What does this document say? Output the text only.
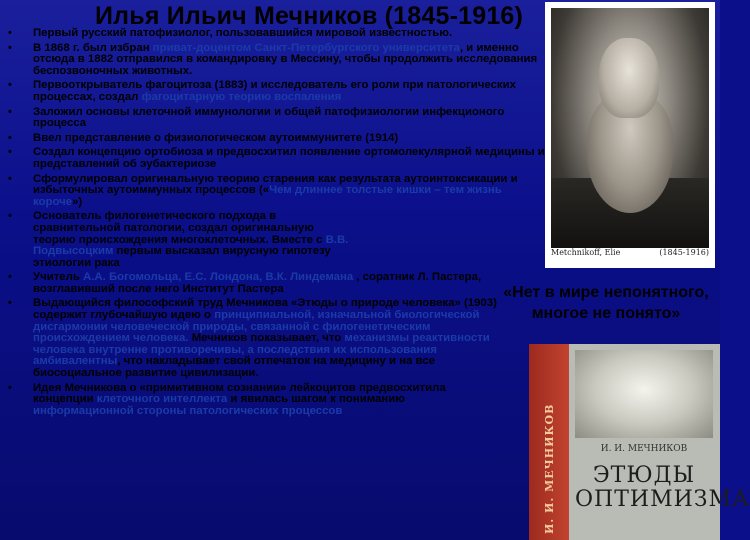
Илья Ильич Мечников (1845-1916)
• Первый русский патофизиолог, пользовавшийся мировой известностью.
• В 1868 г. был избран приват-доцентом Санкт-Петербургского университета, и именно отсюда в 1882 отправился в командировку в Мессину, чтобы продолжить исследования беспозвоночных животных.
• Первооткрыватель фагоцитоза (1883) и исследователь его роли при патологических процессах, создал фагоцитарную теорию воспаления
• Заложил основы клеточной иммунологии и общей патофизиологии инфекционого процесса
• Ввел представление о физиологическом аутоиммунитете (1914)
• Создал концепцию ортобиоза и предвосхитил появление ортомолекулярной медицины и представлений об эубактериозе
• Сформулировал оригинальную теорию старения как результата аутоинтоксикации и избыточных аутоиммунных процессов («Чем длиннее толстые кишки – тем жизнь короче»)
• Основатель филогенетического подхода в сравнительной патологии, создал оригинальную теорию происхождения многоклеточных. Вместе с В.В. Подвысоцким первым высказал вирусную гипотезу этиологии рака
• Учитель А.А. Богомольца, Е.С. Лондона, В.К. Линдемана , соратник Л. Пастера, возглавивший после него Институт Пастера
• Выдающийся философский труд Мечникова «Этюды о природе человека» (1903) содержит глубочайшую идею о принципиальной, изначальной биологической дисгармонии человеческой природы, связанной с филогенетическим происхождением человека. Мечников показывает, что механизмы реактивности человека внутренне противоречивы, а последствия их использования амбивалентны, что накладывает свой отпечаток на медицину и на все биосоциальное развитие цивилизации.
• Идея Мечникова о «примитивном сознании» лейкоцитов предвосхитила концепции клеточного интеллекта и явилась шагом к пониманию информационной стороны патологических процессов
«Нет в мире непонятного, многое не понято»
Metchnikoff, Elie	(1845-1916)
И. И. МЕЧНИКОВ	И. И. МЕЧНИКОВ
ЭТЮДЫ
ОПТИМИЗМА
